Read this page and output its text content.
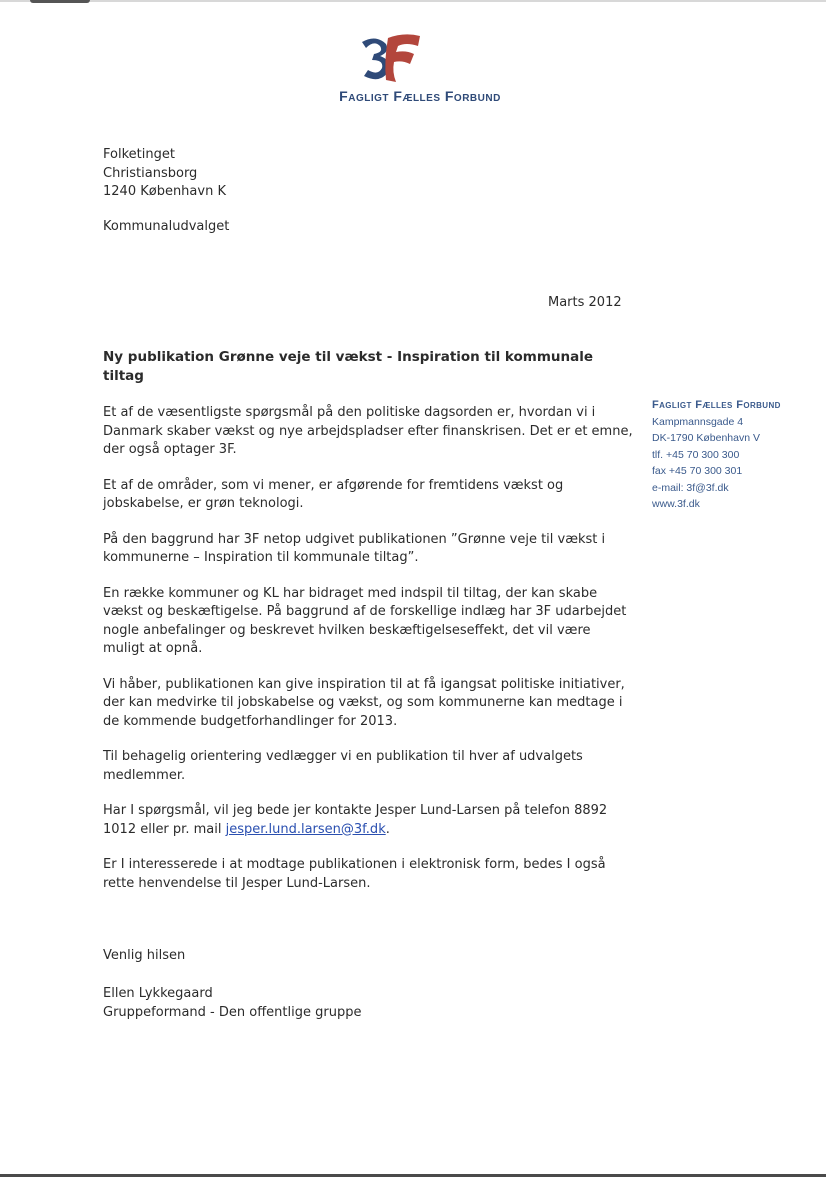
Fagligt Fælles Forbund
Folketinget
Christiansborg
1240 København K
Kommunaludvalget
Marts 2012
Ny publikation Grønne veje til vækst - Inspiration til kommunale tiltag

Et af de væsentligste spørgsmål på den politiske dagsorden er, hvordan vi i Danmark skaber vækst og nye arbejdspladser efter finanskrisen. Det er et emne, der også optager 3F.

Et af de områder, som vi mener, er afgørende for fremtidens vækst og jobskabelse, er grøn teknologi.

På den baggrund har 3F netop udgivet publikationen ”Grønne veje til vækst i kommunerne – Inspiration til kommunale tiltag”.

En række kommuner og KL har bidraget med indspil til tiltag, der kan skabe vækst og beskæftigelse. På baggrund af de forskellige indlæg har 3F udarbejdet nogle anbefalinger og beskrevet hvilken beskæftigelseseffekt, det vil være muligt at opnå.

Vi håber, publikationen kan give inspiration til at få igangsat politiske initiativer, der kan medvirke til jobskabelse og vækst, og som kommunerne kan medtage i de kommende budgetforhandlinger for 2013.

Til behagelig orientering vedlægger vi en publikation til hver af udvalgets medlemmer.

Har I spørgsmål, vil jeg bede jer kontakte Jesper Lund-Larsen på telefon 8892 1012 eller pr. mail jesper.lund.larsen@3f.dk.

Er I interesserede i at modtage publikationen i elektronisk form, bedes I også rette henvendelse til Jesper Lund-Larsen.

Venlig hilsen
Ellen Lykkegaard
Gruppeformand - Den offentlige gruppe
Fagligt Fælles Forbund
Kampmannsgade 4
DK-1790 København V
tlf. +45 70 300 300
fax +45 70 300 301
e-mail: 3f@3f.dk
www.3f.dk
